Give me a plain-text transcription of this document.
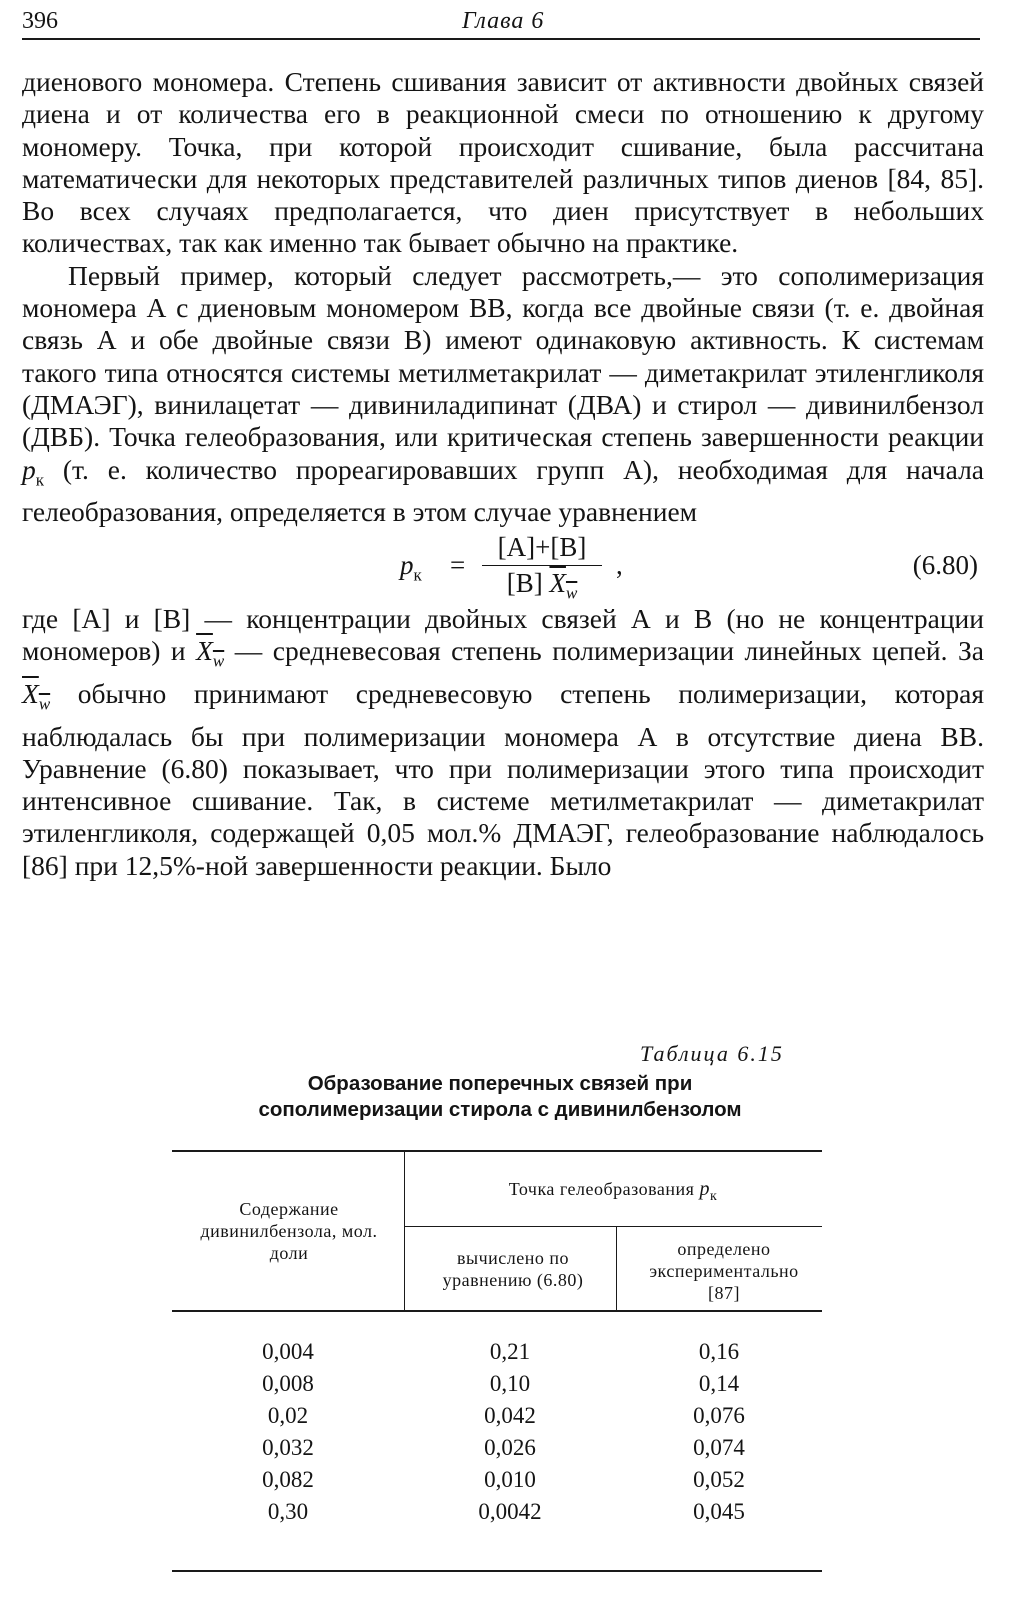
396	Глава 6

диенового мономера. Степень сшивания зависит от активности двойных связей диена и от количества его в реакционной смеси по отношению к другому мономеру. Точка, при которой происходит сшивание, была рассчитана математически для некоторых представителей различных типов диенов [84, 85]. Во всех случаях предполагается, что диен присутствует в небольших количествах, так как именно так бывает обычно на практике.

Первый пример, который следует рассмотреть,— это сополимеризация мономера А с диеновым мономером ВВ, когда все двойные связи (т. е. двойная связь А и обе двойные связи В) имеют одинаковую активность. К системам такого типа относятся системы метилметакрилат — диметакрилат этиленгликоля (ДМАЭГ), винилацетат — дивиниладипинат (ДВА) и стирол — дивинилбензол (ДВБ). Точка гелеобразования, или критическая степень завершенности реакции $p_к$ (т. е. количество прореагировавших групп А), необходимая для начала гелеобразования, определяется в этом случае уравнением

$p_к$ =
[A]+[B]
[B] $X_w$
,	(6.80)

где [А] и [В] — концентрации двойных связей А и В (но не концентрации мономеров) и $X_w$ — средневесовая степень полимеризации линейных цепей. За $X_w$ обычно принимают средневесовую степень полимеризации, которая наблюдалась бы при полимеризации мономера А в отсутствие диена ВВ. Уравнение (6.80) показывает, что при полимеризации этого типа происходит интенсивное сшивание. Так, в системе метилметакрилат — диметакрилат этиленгликоля, содержащей 0,05 мол.% ДМАЭГ, гелеобразование наблюдалось [86] при 12,5%-ной завершенности реакции. Было

Таблица 6.15
Образование поперечных связей при
сополимеризации стирола с дивинилбензолом
Содержание дивинилбензола, мол. доли
Точка гелеобразования $p_к$
вычислено по уравнению (6.80)
определено экспериментально [87]
0,004
0,008
0,02
0,032
0,082
0,30
0,21
0,10
0,042
0,026
0,010
0,0042
0,16
0,14
0,076
0,074
0,052
0,045
